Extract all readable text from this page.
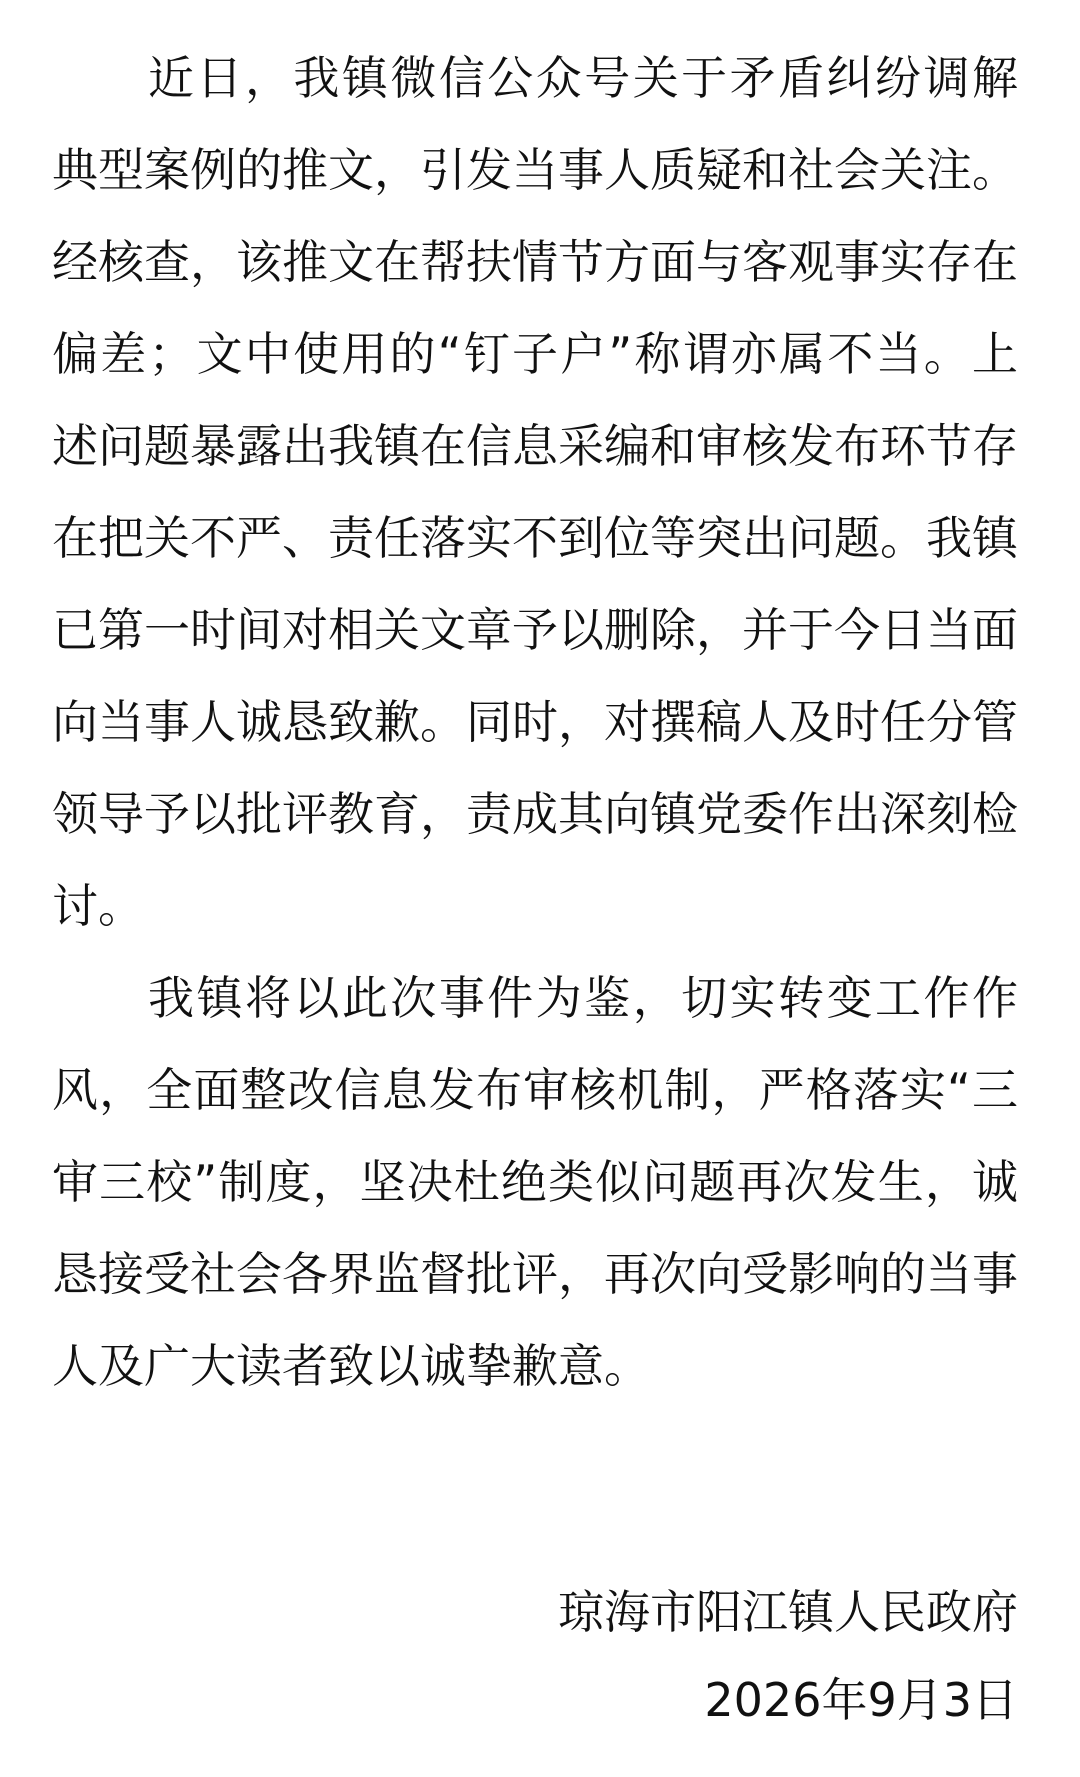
近日，我镇微信公众号关于矛盾纠纷调解典型案例的推文，引发当事人质疑和社会关注。经核查，该推文在帮扶情节方面与客观事实存在偏差；文中使用的“钉子户”称谓亦属不当。上述问题暴露出我镇在信息采编和审核发布环节存在把关不严、责任落实不到位等突出问题。我镇已第一时间对相关文章予以删除，并于今日当面向当事人诚恳致歉。同时，对撰稿人及时任分管领导予以批评教育，责成其向镇党委作出深刻检讨。

我镇将以此次事件为鉴，切实转变工作作风，全面整改信息发布审核机制，严格落实“三审三校”制度，坚决杜绝类似问题再次发生，诚恳接受社会各界监督批评，再次向受影响的当事人及广大读者致以诚挚歉意。

琼海市阳江镇人民政府
2026年9月3日
